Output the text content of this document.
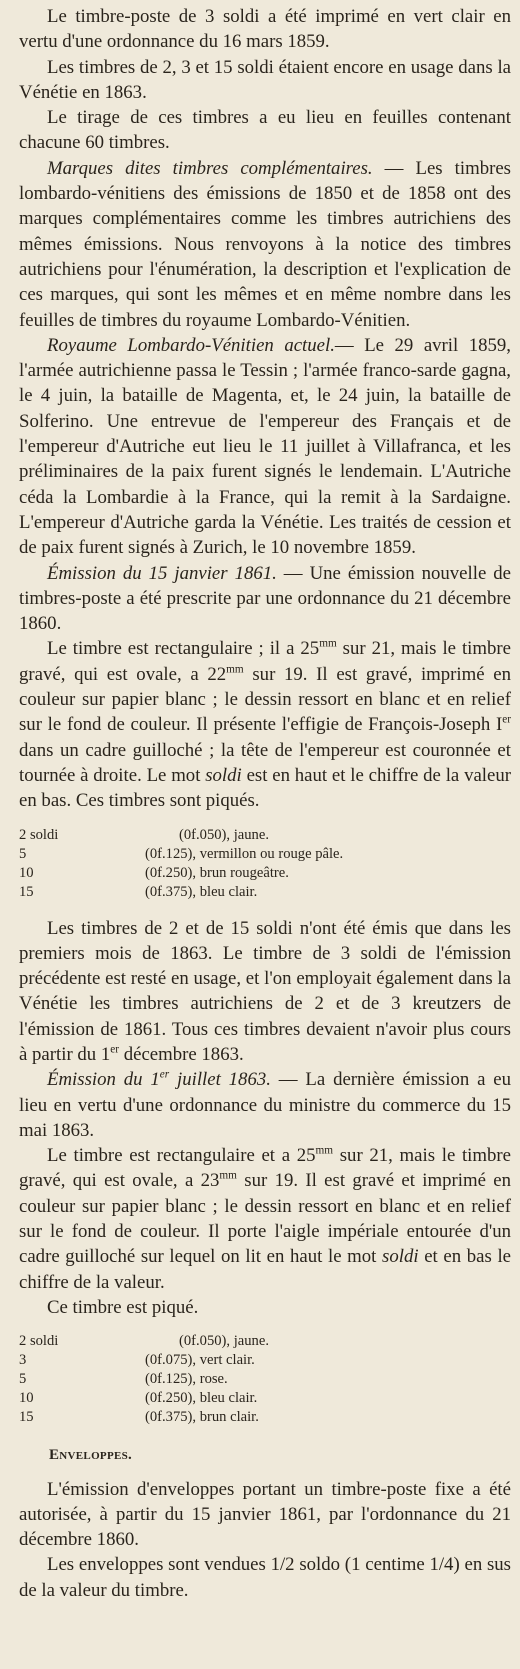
Le timbre-poste de 3 soldi a été imprimé en vert clair en vertu d'une ordonnance du 16 mars 1859.

Les timbres de 2, 3 et 15 soldi étaient encore en usage dans la Vénétie en 1863.

Le tirage de ces timbres a eu lieu en feuilles contenant chacune 60 timbres.

Marques dites timbres complémentaires. — Les timbres lombardo-vénitiens des émissions de 1850 et de 1858 ont des marques complémentaires comme les timbres autrichiens des mêmes émissions. Nous renvoyons à la notice des timbres autrichiens pour l'énumération, la description et l'explication de ces marques, qui sont les mêmes et en même nombre dans les feuilles de timbres du royaume Lombardo-Vénitien.

Royaume Lombardo-Vénitien actuel.— Le 29 avril 1859, l'armée autrichienne passa le Tessin ; l'armée franco-sarde gagna, le 4 juin, la bataille de Magenta, et, le 24 juin, la bataille de Solferino. Une entrevue de l'empereur des Français et de l'empereur d'Autriche eut lieu le 11 juillet à Villafranca, et les préliminaires de la paix furent signés le lendemain. L'Autriche céda la Lombardie à la France, qui la remit à la Sardaigne. L'empereur d'Autriche garda la Vénétie. Les traités de cession et de paix furent signés à Zurich, le 10 novembre 1859.

Émission du 15 janvier 1861. — Une émission nouvelle de timbres-poste a été prescrite par une ordonnance du 21 décembre 1860.

Le timbre est rectangulaire ; il a $25^{mm}$ sur 21, mais le timbre gravé, qui est ovale, a $22^{mm}$ sur 19. Il est gravé, imprimé en couleur sur papier blanc ; le dessin ressort en blanc et en relief sur le fond de couleur. Il présente l'effigie de François-Joseph Ier dans un cadre guilloché ; la tête de l'empereur est couronnée et tournée à droite. Le mot soldi est en haut et le chiffre de la valeur en bas. Ces timbres sont piqués.

2 soldi	(0f.050), jaune.
5	(0f.125), vermillon ou rouge pâle.
10	(0f.250), brun rougeâtre.
15	(0f.375), bleu clair.

Les timbres de 2 et de 15 soldi n'ont été émis que dans les premiers mois de 1863. Le timbre de 3 soldi de l'émission précédente est resté en usage, et l'on employait également dans la Vénétie les timbres autrichiens de 2 et de 3 kreutzers de l'émission de 1861. Tous ces timbres devaient n'avoir plus cours à partir du 1er décembre 1863.

Émission du 1er juillet 1863. — La dernière émission a eu lieu en vertu d'une ordonnance du ministre du commerce du 15 mai 1863.

Le timbre est rectangulaire et a $25^{mm}$ sur 21, mais le timbre gravé, qui est ovale, a $23^{mm}$ sur 19. Il est gravé et imprimé en couleur sur papier blanc ; le dessin ressort en blanc et en relief sur le fond de couleur. Il porte l'aigle impériale entourée d'un cadre guilloché sur lequel on lit en haut le mot soldi et en bas le chiffre de la valeur.

Ce timbre est piqué.

2 soldi	(0f.050), jaune.
3	(0f.075), vert clair.
5	(0f.125), rose.
10	(0f.250), bleu clair.
15	(0f.375), brun clair.
Enveloppes.

L'émission d'enveloppes portant un timbre-poste fixe a été autorisée, à partir du 15 janvier 1861, par l'ordonnance du 21 décembre 1860.

Les enveloppes sont vendues 1/2 soldo (1 centime 1/4) en sus de la valeur du timbre.
